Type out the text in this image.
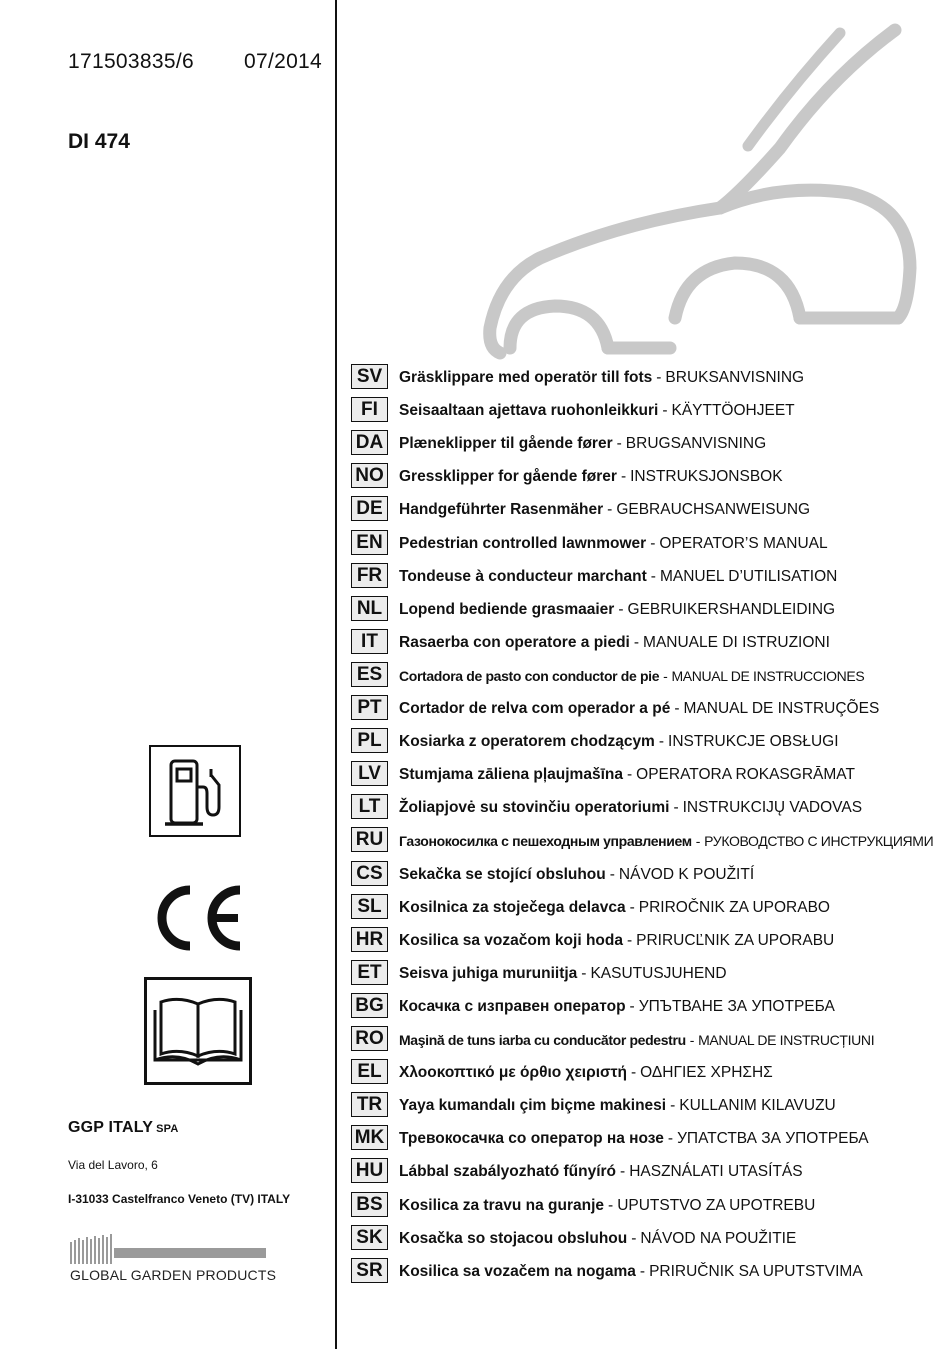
171503835/6 07/2014
DI 474
GGP ITALY SPA
Via del Lavoro, 6
I-31033 Castelfranco Veneto (TV) ITALY
GLOBAL GARDEN PRODUCTS
SV	Gräsklippare med operatör till fots - BRUKSANVISNING
FI	Seisaaltaan ajettava ruohonleikkuri - KÄYTTÖOHJEET
DA	Plæneklipper til gående fører - BRUGSANVISNING
NO Gressklipper for gående fører - INSTRUKSJONSBOK
DE	Handgeführter Rasenmäher - GEBRAUCHSANWEISUNG
EN	Pedestrian controlled lawnmower - OPERATOR’S MANUAL
FR	Tondeuse à conducteur marchant - MANUEL D’UTILISATION
NL	Lopend bediende grasmaaier - GEBRUIKERSHANDLEIDING
IT	Rasaerba con operatore a piedi - MANUALE DI ISTRUZIONI
ES	Cortadora de pasto con conductor de pie - MANUAL DE INSTRUCCIONES
PT	Cortador de relva com operador a pé - MANUAL DE INSTRUÇÕES
PL	Kosiarka z operatorem chodzącym - INSTRUKCJE OBSŁUGI
LV	Stumjama zāliena pļaujmašīna - OPERATORA ROKASGRĀMAT
LT	Žoliapjovė su stovinčiu operatoriumi - INSTRUKCIJŲ VADOVAS
RU	Газонокосилка с пешеходным управлением - РУКОВОДСТВО С ИНСТРУКЦИЯМИ
CS	Sekačka se stojící obsluhou - NÁVOD K POUŽITÍ
SL	Kosilnica za stoječega delavca - PRIROČNIK ZA UPORABO
HR	Kosilica sa vozačom koji hoda - PRIRUCĽNIK ZA UPORABU
ET	Seisva juhiga muruniitja - KASUTUSJUHEND
BG Косачка с изправен оператор - УПЪТВАНЕ ЗА УПОТРЕБА
RO	Maşină de tuns iarba cu conducător pedestru - MANUAL DE INSTRUCȚIUNI
EL	Χλοοκοπτικό με όρθιο χειριστή - ΟΔΗΓΙΕΣ ΧΡΗΣΗΣ
TR	Yaya kumandalı çim biçme makinesi - KULLANIM KILAVUZU
MK Тревокосачка со оператор на нозе - УПАТСТВА ЗА УПОТРЕБА
HU	Lábbal szabályozható fűnyíró - HASZNÁLATI UTASÍTÁS
BS	Kosilica za travu na guranje - UPUTSTVO ZA UPOTREBU
SK	Kosačka so stojacou obsluhou - NÁVOD NA POUŽITIE
SR	Kosilica sa vozačem na nogama - PRIRUČNIK SA UPUTSTVIMA
